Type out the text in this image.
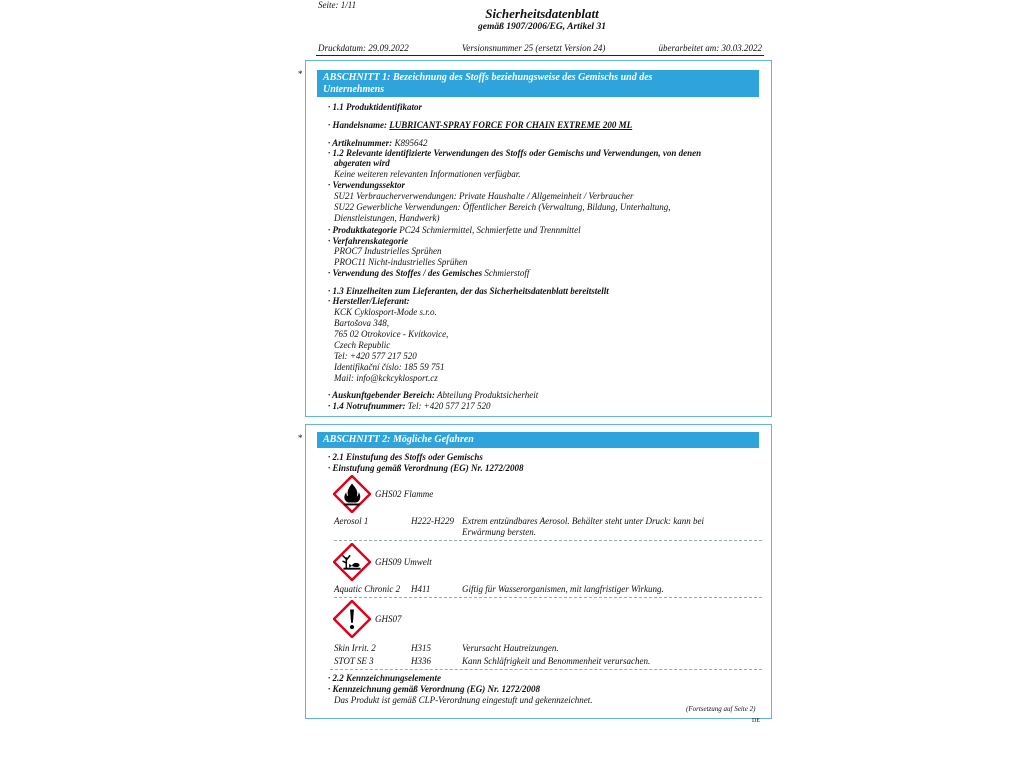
Seite: 1/11
Sicherheitsdatenblatt
gemäß 1907/2006/EG, Artikel 31
Druckdatum: 29.09.2022	Versionsnummer 25 (ersetzt Version 24)	überarbeitet am: 30.03.2022
* ABSCHNITT 1: Bezeichnung des Stoffs beziehungsweise des Gemischs und des
Unternehmens
· 1.1 Produktidentifikator
· Handelsname: LUBRICANT-SPRAY FORCE FOR CHAIN EXTREME 200 ML
· Artikelnummer: K895642
· 1.2 Relevante identifizierte Verwendungen des Stoffs oder Gemischs und Verwendungen, von denen
abgeraten wird
Keine weiteren relevanten Informationen verfügbar.
· Verwendungssektor
SU21 Verbraucherverwendungen: Private Haushalte / Allgemeinheit / Verbraucher
SU22 Gewerbliche Verwendungen: Öffentlicher Bereich (Verwaltung, Bildung, Unterhaltung,
Dienstleistungen, Handwerk)
· Produktkategorie PC24 Schmiermittel, Schmierfette und Trennmittel
· Verfahrenskategorie
PROC7 Industrielles Sprühen
PROC11 Nicht-industrielles Sprühen
· Verwendung des Stoffes / des Gemisches Schmierstoff
· 1.3 Einzelheiten zum Lieferanten, der das Sicherheitsdatenblatt bereitstellt
· Hersteller/Lieferant:
KCK Cyklosport-Mode s.r.o.
Bartošova 348,
765 02 Otrokovice - Kvítkovice,
Czech Republic
Tel: +420 577 217 520
Identifikační číslo: 185 59 751
Mail: info@kckcyklosport.cz
· Auskunftgebender Bereich: Abteilung Produktsicherheit
· 1.4 Notrufnummer: Tel: +420 577 217 520
*	ABSCHNITT 2: Mögliche Gefahren
· 2.1 Einstufung des Stoffs oder Gemischs
· Einstufung gemäß Verordnung (EG) Nr. 1272/2008
GHS02 Flamme
Aerosol 1	H222-H229 Extrem entzündbares Aerosol. Behälter steht unter Druck: kann bei
Erwärmung bersten.
GHS09 Umwelt
Aquatic Chronic 2 H411	Giftig für Wasserorganismen, mit langfristiger Wirkung.
GHS07
Skin Irrit. 2	H315	Verursacht Hautreizungen.
STOT SE 3	H336	Kann Schläfrigkeit und Benommenheit verursachen.
· 2.2 Kennzeichnungselemente
· Kennzeichnung gemäß Verordnung (EG) Nr. 1272/2008
Das Produkt ist gemäß CLP-Verordnung eingestuft und gekennzeichnet.
(Fortsetzung auf Seite 2)
DE
